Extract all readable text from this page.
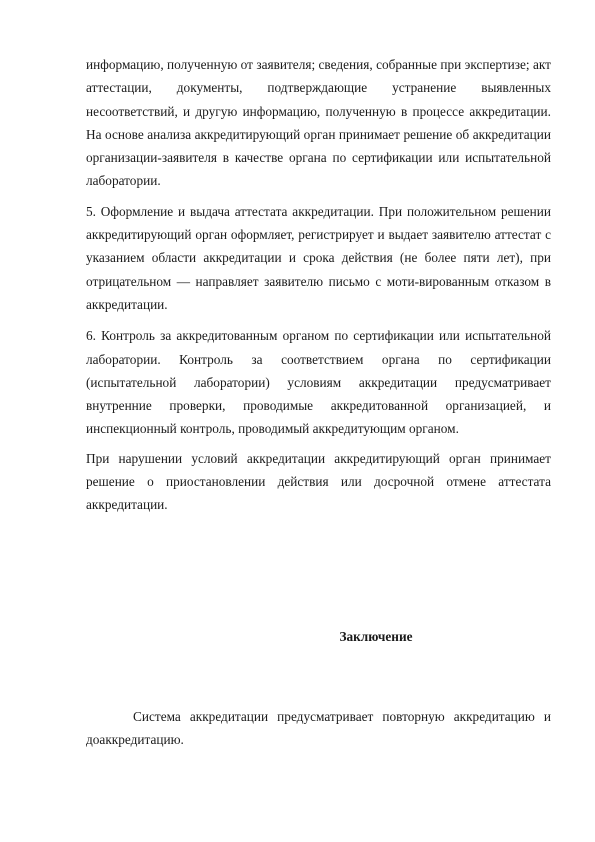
информацию, полученную от заявителя; сведения, собранные при экспертизе; акт аттестации, документы, подтверждающие устранение выявленных несоответствий, и другую информацию, полученную в процессе аккредитации. На основе анализа аккредитирующий орган принимает решение об аккредитации организации-заявителя в качестве органа по сертификации или испытательной лаборатории.

5. Оформление и выдача аттестата аккредитации. При положительном решении аккредитирующий орган оформляет, регистрирует и выдает заявителю аттестат с указанием области аккредитации и срока действия (не более пяти лет), при отрицательном — направляет заявителю письмо с моти-вированным отказом в аккредитации.

6. Контроль за аккредитованным органом по сертификации или испытательной лаборатории. Контроль за соответствием органа по сертификации (испытательной лаборатории) условиям аккредитации предусматривает внутренние проверки, проводимые аккредитованной организацией, и инспекционный контроль, проводимый аккредитующим органом.

При нарушении условий аккредитации аккредитирующий орган принимает решение о приостановлении действия или досрочной отмене аттестата аккредитации.

Заключение

Система аккредитации предусматривает повторную аккредитацию и доаккредитацию.
